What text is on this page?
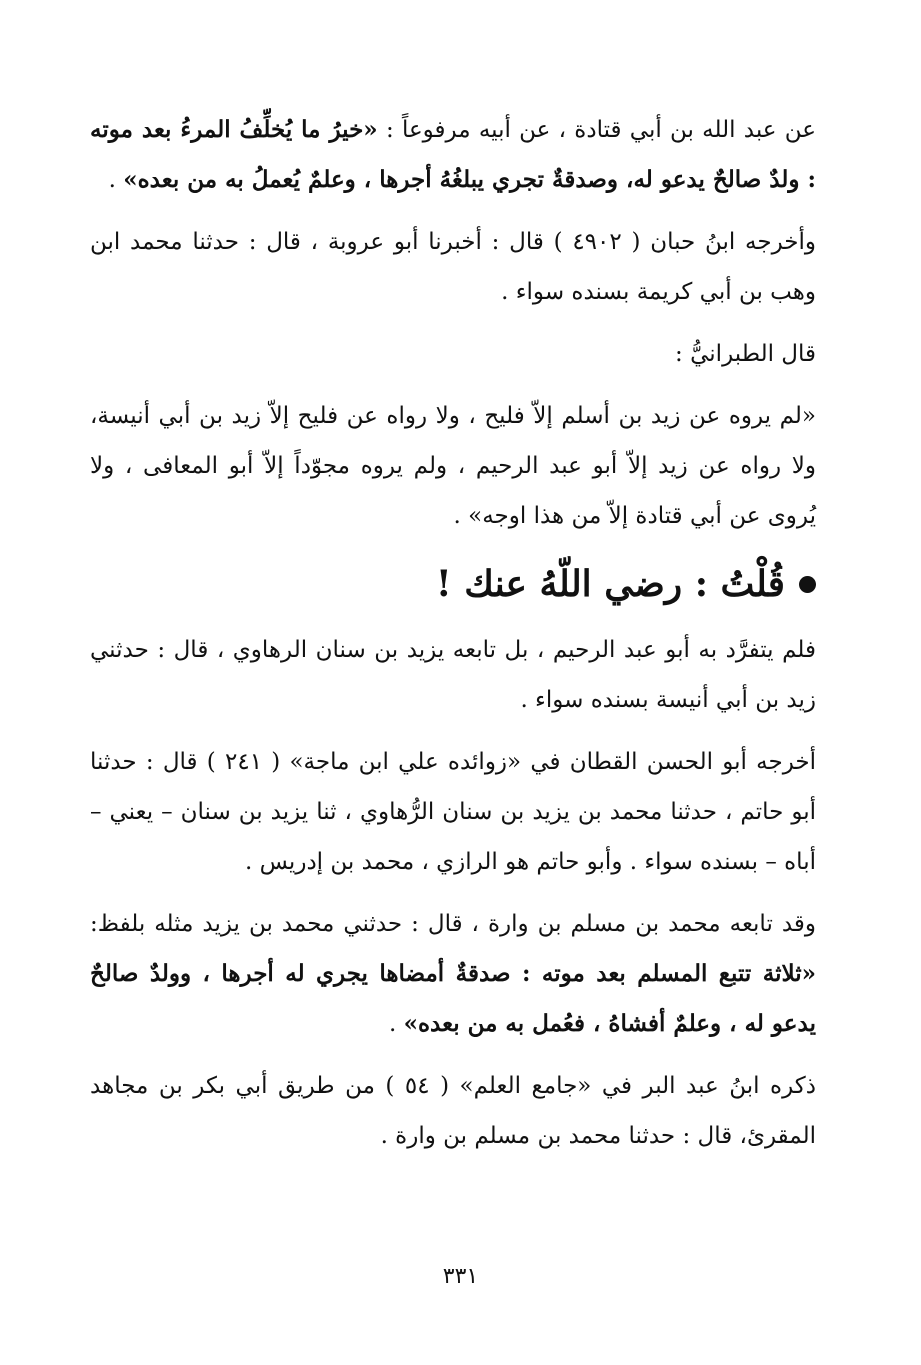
عن عبد الله بن أبي قتادة ، عن أبيه مرفوعاً : «خيرُ ما يُخلِّفُ المرءُ بعد موته : ولدٌ صالحٌ يدعو له، وصدقةٌ تجري يبلغُهُ أجرها ، وعلمٌ يُعملُ به من بعده» .

وأخرجه ابنُ حبان ( ٤٩٠٢ ) قال : أخبرنا أبو عروبة ، قال : حدثنا محمد ابن وهب بن أبي كريمة بسنده سواء .

قال الطبرانيُّ :

«لم يروه عن زيد بن أسلم إلاّ فليح ، ولا رواه عن فليح إلاّ زيد بن أبي أنيسة، ولا رواه عن زيد إلاّ أبو عبد الرحيم ، ولم يروه مجوّداً إلاّ أبو المعافى ، ولا يُروى عن أبي قتادة إلاّ من هذا اوجه» .

قُلْتُ : رضي اللّهُ عنك !

فلم يتفرَّد به أبو عبد الرحيم ، بل تابعه يزيد بن سنان الرهاوي ، قال : حدثني زيد بن أبي أنيسة بسنده سواء .

أخرجه أبو الحسن القطان في «زوائده علي ابن ماجة» ( ٢٤١ ) قال : حدثنا أبو حاتم ، حدثنا محمد بن يزيد بن سنان الرُّهاوي ، ثنا يزيد بن سنان – يعني – أباه – بسنده سواء . وأبو حاتم هو الرازي ، محمد بن إدريس .

وقد تابعه محمد بن مسلم بن وارة ، قال : حدثني محمد بن يزيد مثله بلفظ: «ثلاثة تتبع المسلم بعد موته : صدقةٌ أمضاها يجري له أجرها ، وولدٌ صالحٌ يدعو له ، وعلمٌ أفشاهُ ، فعُمل به من بعده» .

ذكره ابنُ عبد البر في «جامع العلم» ( ٥٤ ) من طريق أبي بكر بن مجاهد المقرئ، قال : حدثنا محمد بن مسلم بن وارة .

٣٣١
